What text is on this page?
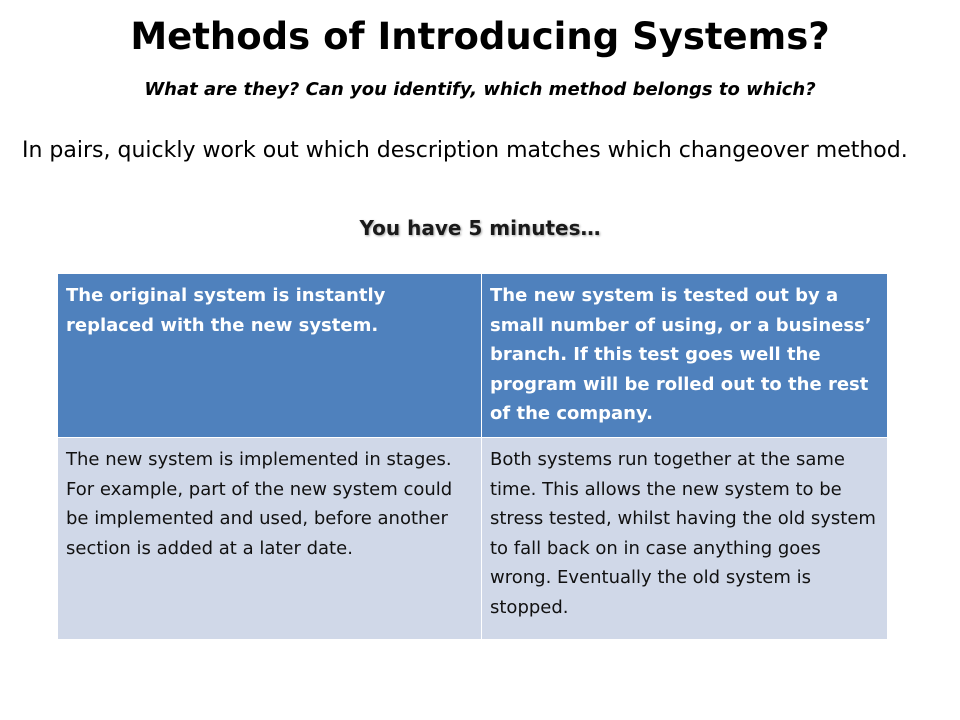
Methods of Introducing Systems?

What are they? Can you identify, which method belongs to which?

In pairs, quickly work out which description matches which changeover method.

You have 5 minutes…

The original system is instantly replaced with the new system.	The new system is tested out by a small number of using, or a business’ branch. If this test goes well the program will be rolled out to the rest of the company.
The new system is implemented in stages. For example, part of the new system could be implemented and used, before another section is added at a later date.	Both systems run together at the same time. This allows the new system to be stress tested, whilst having the old system to fall back on in case anything goes wrong. Eventually the old system is stopped.
